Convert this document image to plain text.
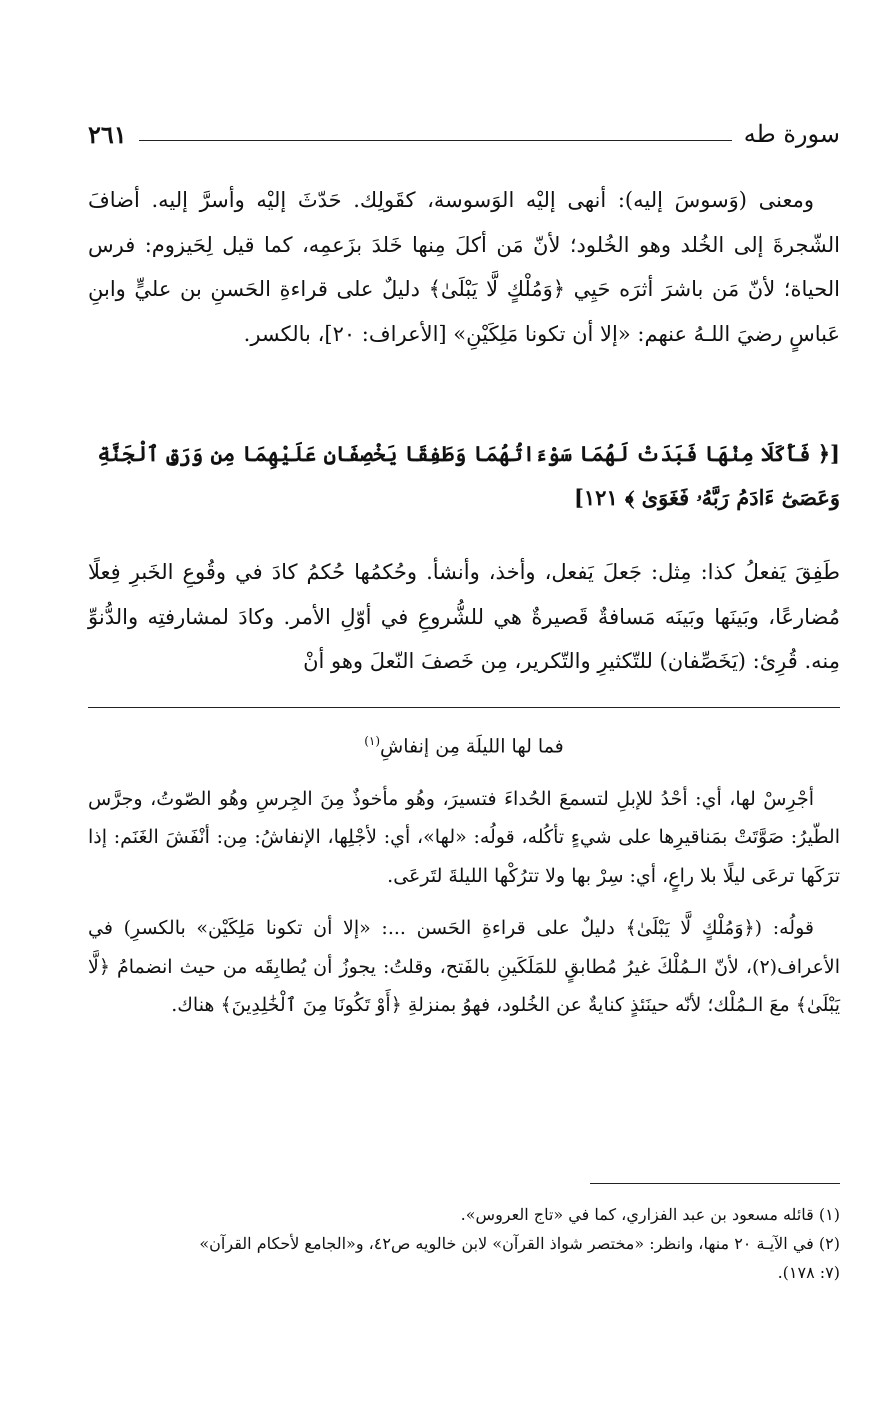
سورة طه
٢٦١

ومعنى (وَسوسَ إليه): أنهى إليْه الوَسوسة، كقَولِك. حَدّثَ إليْه وأسرَّ إليه. أضافَ الشّجرةَ إلى الخُلد وهو الخُلود؛ لأنّ مَن أكلَ مِنها خَلدَ بزَعمِه، كما قيل لِحَيزوم: فرس الحياة؛ لأنّ مَن باشرَ أثرَه حَيِي ﴿وَمُلْكٍ لَّا يَبْلَىٰ﴾ دليلٌ على قراءةِ الحَسنِ بن عليٍّ وابنِ عَباسٍ رضيَ اللـهُ عنهم: «إلا أن تكونا مَلِكَيْنِ» [الأعراف: ٢٠]، بالكسر.

[﴿ فَأَكَلَا مِنْهَا فَبَدَتْ لَهُمَا سَوْءَاتُهُمَا وَطَفِقَا يَخْصِفَانِ عَلَيْهِمَا مِن وَرَقِ ٱلْجَنَّةِ

وَعَصَىٰٓ ءَادَمُ رَبَّهُۥ فَغَوَىٰ ﴾ ١٢١]

طَفِقَ يَفعلُ كذا: مِثل: جَعلَ يَفعل، وأخذ، وأنشأ. وحُكمُها حُكمُ كادَ في وقُوعِ الخَبرِ فِعلًا مُضارعًا، وبَينَها وبَينَه مَسافةٌ قَصيرةٌ هي للشُّروعِ في أوّلِ الأمر. وكادَ لمشارفتِه والدُّنوِّ مِنه. قُرِئ: (يَخَصِّفان) للتّكثيرِ والتّكرير، مِن خَصفَ النّعلَ وهو أنْ

فما لها الليلَة مِن إنفاشِ$^{(١)}$

أجْرِسْ لها، أي: أحْدُ للإبلِ لتسمعَ الحُداءَ فتسيرَ، وهُو مأخوذٌ مِنَ الجِرسِ وهُو الصّوتُ، وجرَّس الطّيرُ: صَوَّتَتْ بمَناقيرِها على شيءٍ تأكُله، قولُه: «لها»، أي: لأجْلِها، الإنفاشُ: مِن: أنْفَشَ الغَنَم: إذا ترَكَها ترعَى ليلًا بلا راعٍ، أي: سِرْ بها ولا تترُكْها الليلةَ لتَرعَى.

قولُه: (﴿وَمُلْكٍ لَّا يَبْلَىٰ﴾ دليلٌ على قراءةِ الحَسن ...: «إلا أن تكونا مَلِكَيْن» بالكسرِ) في الأعراف(٢)، لأنّ الـمُلْكَ غيرُ مُطابقٍ للمَلَكَينِ بالفَتح، وقلتُ: يجوزُ أن يُطابِقَه من حيث انضمامُ ﴿لَّا يَبْلَىٰ﴾ معَ الـمُلْك؛ لأنّه حينَئذٍ كنايةٌ عن الخُلود، فهوُ بمنزلةِ ﴿أَوْ تَكُونَا مِنَ ٱلْخَٰلِدِينَ﴾ هناك.

(١) قائله مسعود بن عبد الفزاري، كما في «تاج العروس».

(٢) في الآيـة ٢٠ منها، وانظر: «مختصر شواذ القرآن» لابن خالويه ص٤٢، و«الجامع لأحكام القرآن»

(٧: ١٧٨).
